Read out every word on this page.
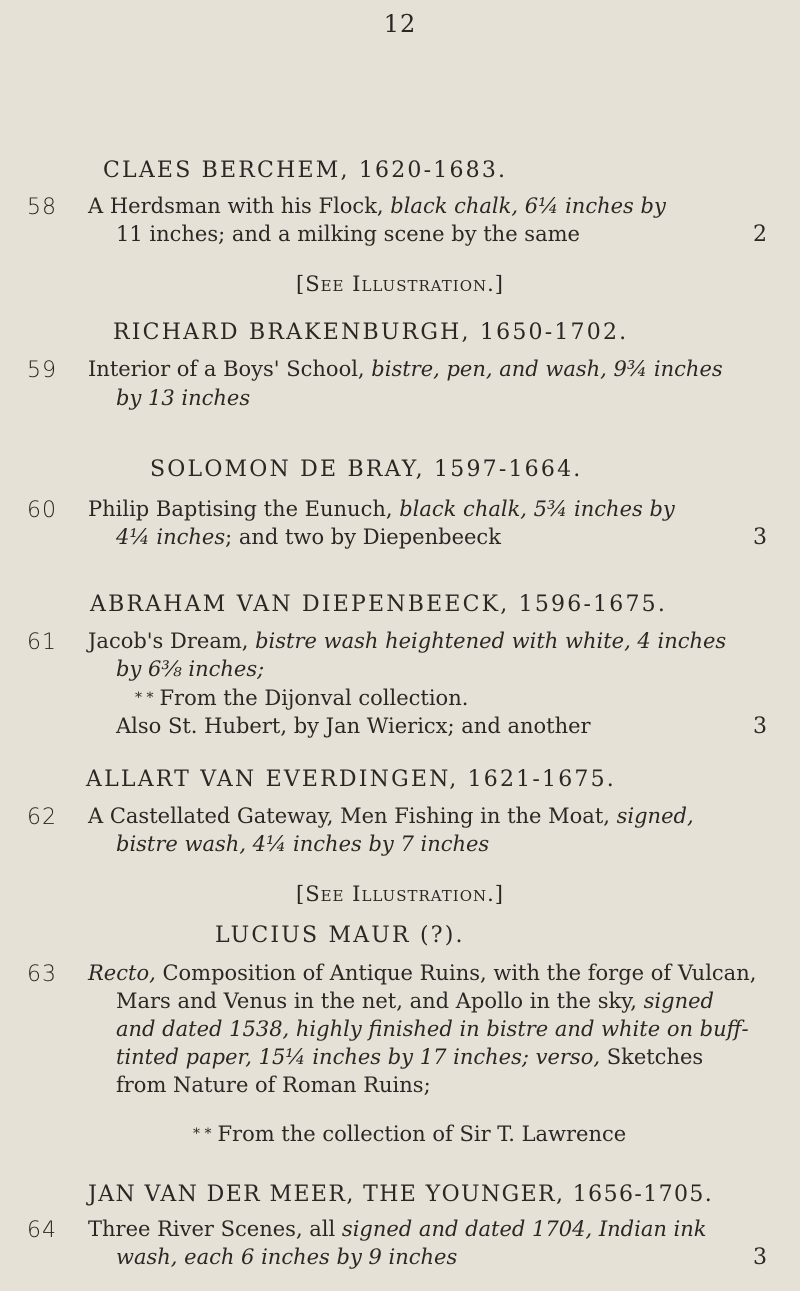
12
CLAES BERCHEM, 1620-1683.
58 A Herdsman with his Flock, black chalk, 6¼ inches by
11 inches; and a milking scene by the same	2
[See Illustration.]
RICHARD BRAKENBURGH, 1650-1702.
59 Interior of a Boys' School, bistre, pen, and wash, 9¾ inches
by 13 inches
SOLOMON DE BRAY, 1597-1664.
60 Philip Baptising the Eunuch, black chalk, 5¾ inches by
4¼ inches; and two by Diepenbeeck	3
ABRAHAM VAN DIEPENBEECK, 1596-1675.
61 Jacob's Dream, bistre wash heightened with white, 4 inches
by 6⅜ inches;
* * From the Dijonval collection.
Also St. Hubert, by Jan Wiericx; and another	3
ALLART VAN EVERDINGEN, 1621-1675.
62 A Castellated Gateway, Men Fishing in the Moat, signed,
bistre wash, 4¼ inches by 7 inches
[See Illustration.]
LUCIUS MAUR (?).
63 Recto, Composition of Antique Ruins, with the forge of Vulcan,
Mars and Venus in the net, and Apollo in the sky, signed
and dated 1538, highly finished in bistre and white on buff-
tinted paper, 15¼ inches by 17 inches; verso, Sketches
from Nature of Roman Ruins;
* * From the collection of Sir T. Lawrence
JAN VAN DER MEER, THE YOUNGER, 1656-1705.
64 Three River Scenes, all signed and dated 1704, Indian ink
wash, each 6 inches by 9 inches	3
